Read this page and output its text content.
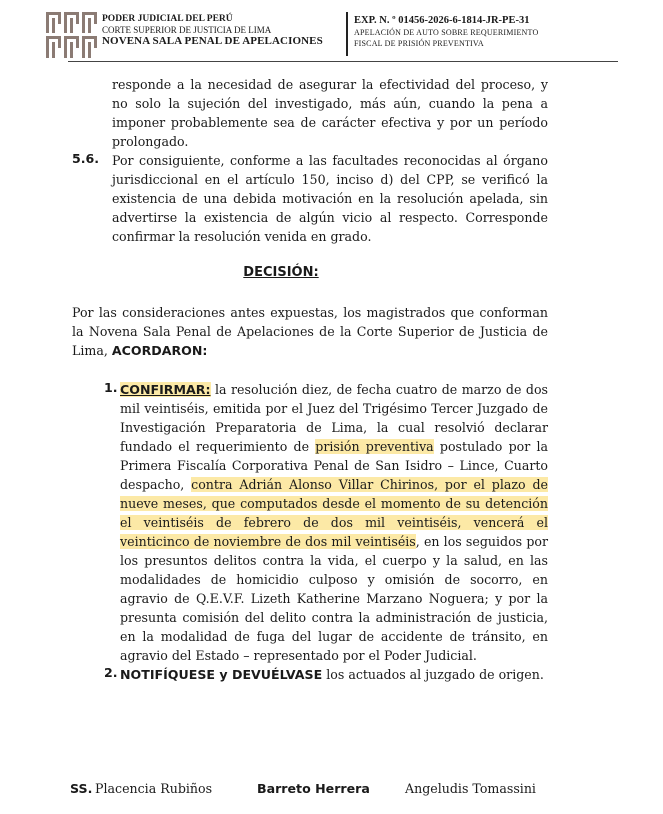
PODER JUDICIAL DEL PERÚ
CORTE SUPERIOR DE JUSTICIA DE LIMA
NOVENA SALA PENAL DE APELACIONES
EXP. N. º 01456-2026-6-1814-JR-PE-31
APELACIÓN DE AUTO SOBRE REQUERIMIENTO
FISCAL DE PRISIÓN PREVENTIVA
responde a la necesidad de asegurar la efectividad del proceso, y no solo la sujeción del investigado, más aún, cuando la pena a imponer probablemente sea de carácter efectiva y por un período prolongado.
5.6. Por consiguiente, conforme a las facultades reconocidas al órgano jurisdiccional en el artículo 150, inciso d) del CPP, se verificó la existencia de una debida motivación en la resolución apelada, sin advertirse la existencia de algún vicio al respecto. Corresponde confirmar la resolución venida en grado.
DECISIÓN:
Por las consideraciones antes expuestas, los magistrados que conforman la Novena Sala Penal de Apelaciones de la Corte Superior de Justicia de Lima, ACORDARON:
1. CONFIRMAR: la resolución diez, de fecha cuatro de marzo de dos mil veintiséis, emitida por el Juez del Trigésimo Tercer Juzgado de Investigación Preparatoria de Lima, la cual resolvió declarar fundado el requerimiento de prisión preventiva postulado por la Primera Fiscalía Corporativa Penal de San Isidro – Lince, Cuarto despacho, contra Adrián Alonso Villar Chirinos, por el plazo de nueve meses, que computados desde el momento de su detención el veintiséis de febrero de dos mil veintiséis, vencerá el veinticinco de noviembre de dos mil veintiséis, en los seguidos por los presuntos delitos contra la vida, el cuerpo y la salud, en las modalidades de homicidio culposo y omisión de socorro, en agravio de Q.E.V.F. Lizeth Katherine Marzano Noguera; y por la presunta comisión del delito contra la administración de justicia, en la modalidad de fuga del lugar de accidente de tránsito, en agravio del Estado – representado por el Poder Judicial.
2. NOTIFÍQUESE y DEVUÉLVASE los actuados al juzgado de origen.
SS. Placencia Rubiños	Barreto Herrera	Angeludis Tomassini
